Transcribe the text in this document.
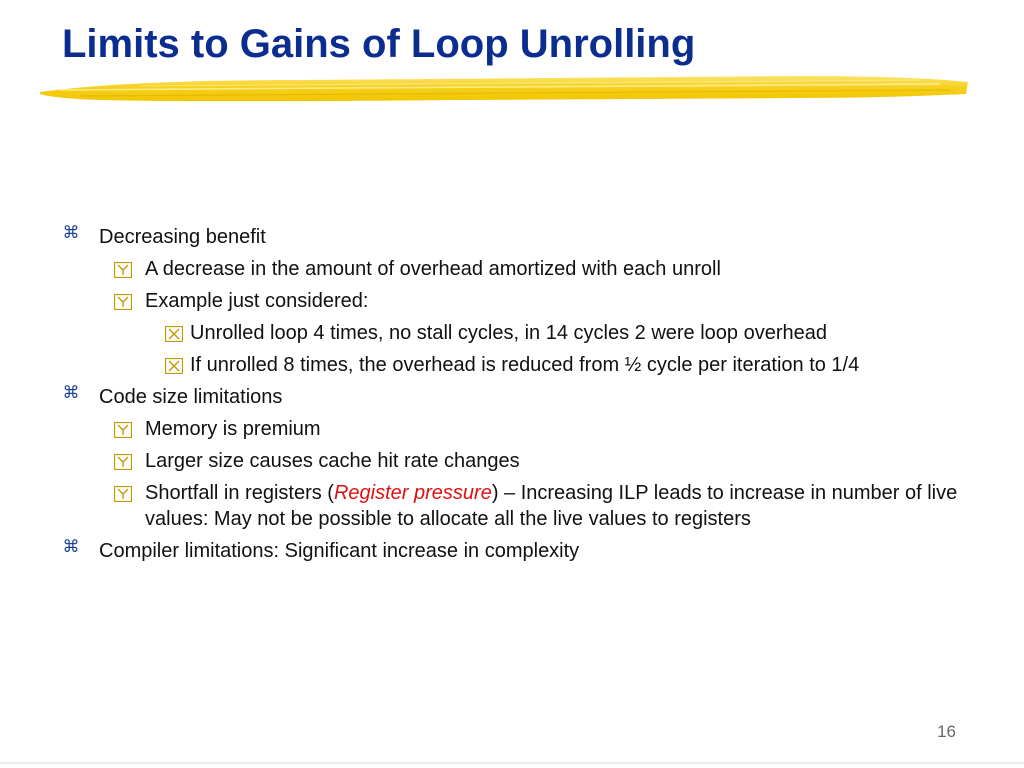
Limits to Gains of Loop Unrolling
⌘ Decreasing benefit
A decrease in the amount of overhead amortized with each unroll
Example just considered:
Unrolled loop 4 times, no stall cycles, in 14 cycles 2 were loop overhead
If unrolled 8 times, the overhead is reduced from ½ cycle per iteration to 1/4
⌘ Code size limitations
Memory is premium
Larger size causes cache hit rate changes
Shortfall in registers (Register pressure) – Increasing ILP leads to increase in number of live values: May not be possible to allocate all the live values to registers
⌘ Compiler limitations: Significant increase in complexity
16
